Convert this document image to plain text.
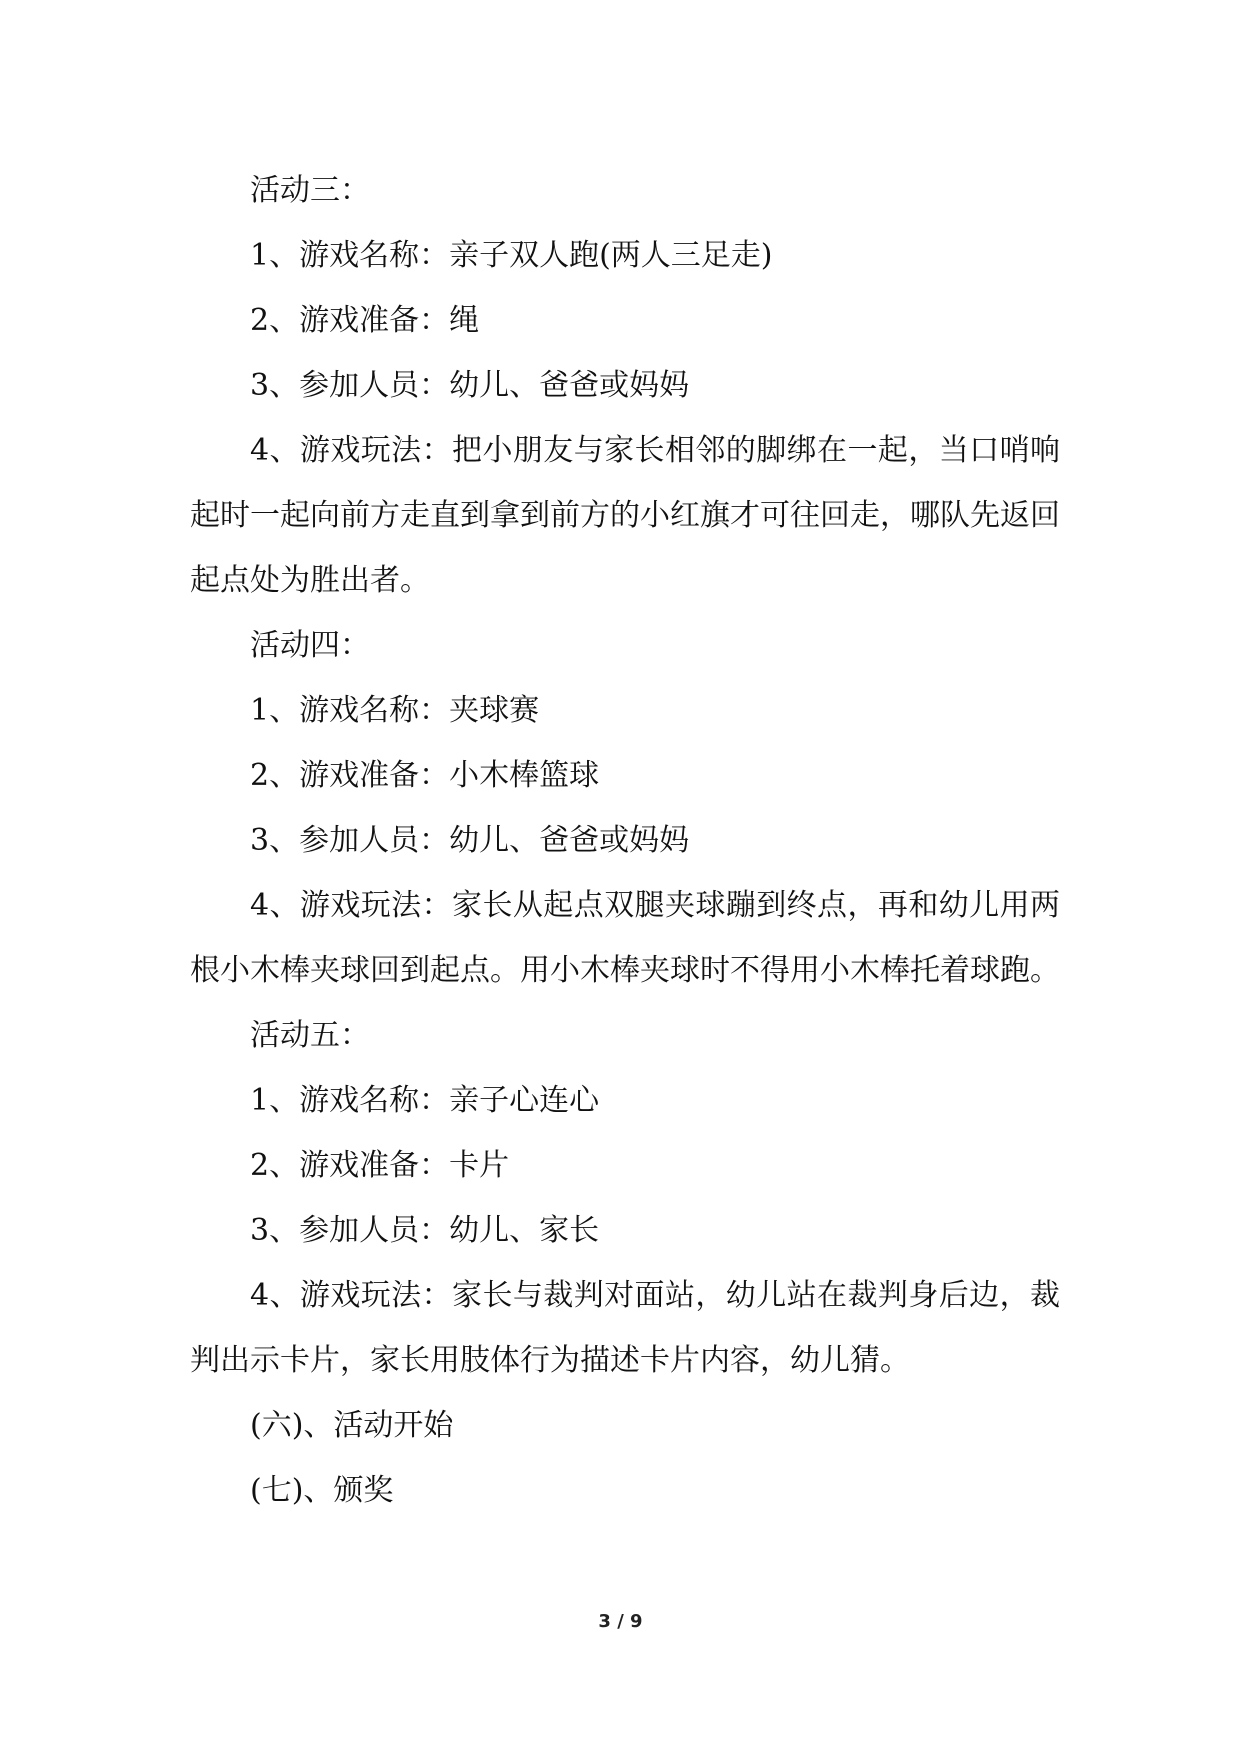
活动三：

1、游戏名称：亲子双人跑(两人三足走)

2、游戏准备：绳

3、参加人员：幼儿、爸爸或妈妈

4、游戏玩法：把小朋友与家长相邻的脚绑在一起，当口哨响起时一起向前方走直到拿到前方的小红旗才可往回走，哪队先返回起点处为胜出者。

活动四：

1、游戏名称：夹球赛

2、游戏准备：小木棒篮球

3、参加人员：幼儿、爸爸或妈妈

4、游戏玩法：家长从起点双腿夹球蹦到终点，再和幼儿用两根小木棒夹球回到起点。用小木棒夹球时不得用小木棒托着球跑。

活动五：

1、游戏名称：亲子心连心

2、游戏准备：卡片

3、参加人员：幼儿、家长

4、游戏玩法：家长与裁判对面站，幼儿站在裁判身后边，裁判出示卡片，家长用肢体行为描述卡片内容，幼儿猜。

(六)、活动开始

(七)、颁奖

3 / 9
